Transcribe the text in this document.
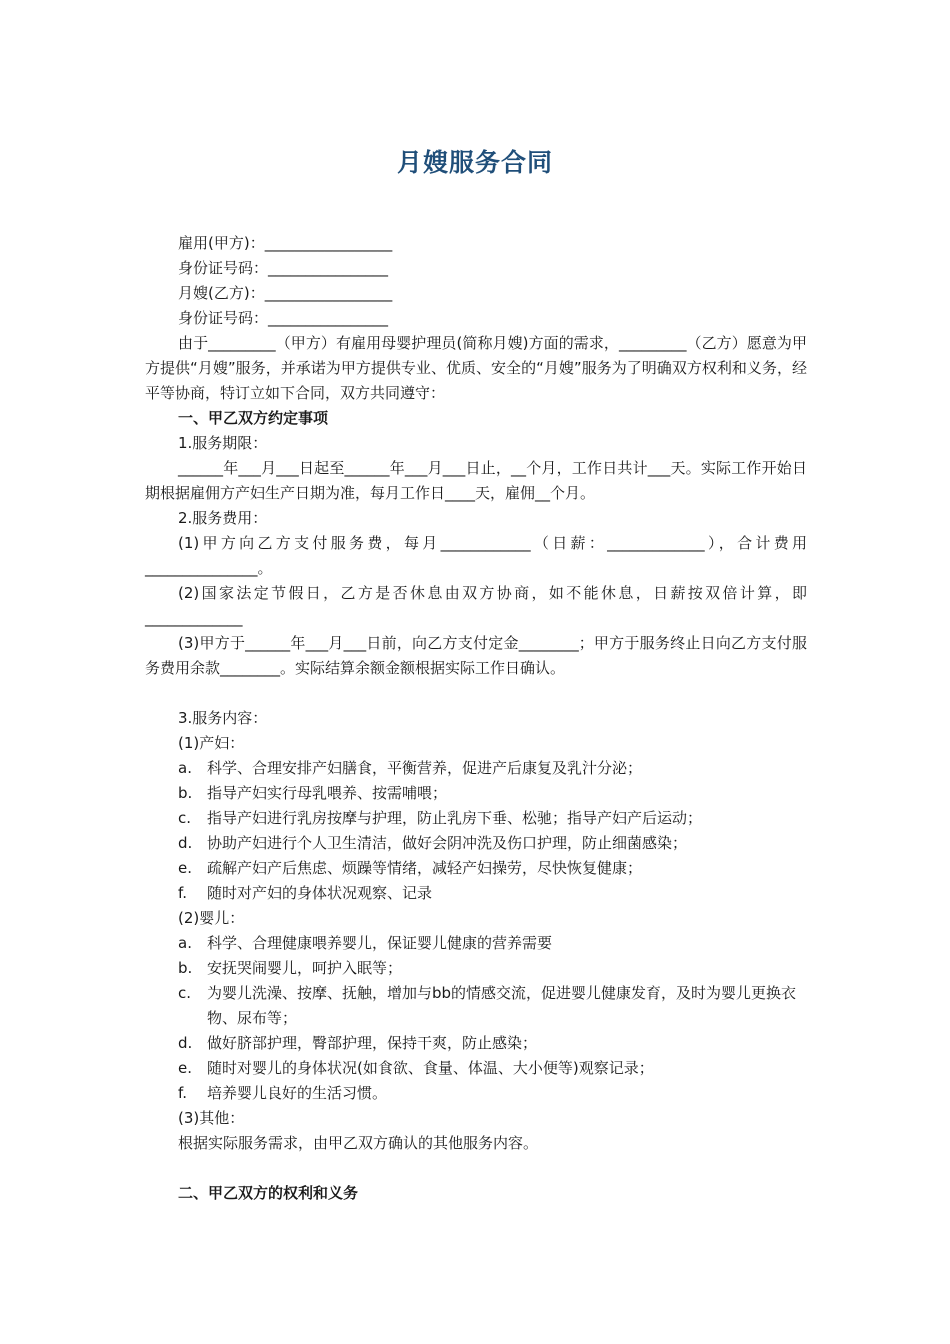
月嫂服务合同
雇用(甲方)：_________________
身份证号码：________________
月嫂(乙方)：_________________
身份证号码：________________
由于_________（甲方）有雇用母婴护理员(简称月嫂)方面的需求，_________（乙方）愿意为甲方提供“月嫂”服务，并承诺为甲方提供专业、优质、安全的“月嫂”服务为了明确双方权利和义务，经平等协商，特订立如下合同，双方共同遵守：
一、甲乙双方约定事项
1.服务期限：
______年___月___日起至______年___月___日止，__个月，工作日共计___天。实际工作开始日期根据雇佣方产妇生产日期为准，每月工作日____天，雇佣__个月。
2.服务费用：
(1)甲方向乙方支付服务费，每月____________（日薪：_____________），合计费用_______________。
(2)国家法定节假日，乙方是否休息由双方协商，如不能休息，日薪按双倍计算，即 _____________
(3)甲方于______年___月___日前，向乙方支付定金________；甲方于服务终止日向乙方支付服务费用余款________。实际结算余额金额根据实际工作日确认。
3.服务内容：
(1)产妇：
a.	科学、合理安排产妇膳食，平衡营养，促进产后康复及乳汁分泌；
b. 指导产妇实行母乳喂养、按需哺喂；
c.	指导产妇进行乳房按摩与护理，防止乳房下垂、松驰；指导产妇产后运动；
d. 协助产妇进行个人卫生清洁，做好会阴冲洗及伤口护理，防止细菌感染；
e.	疏解产妇产后焦虑、烦躁等情绪，减轻产妇操劳，尽快恢复健康；
f.	随时对产妇的身体状况观察、记录
(2)婴儿：
a.	科学、合理健康喂养婴儿，保证婴儿健康的营养需要
b. 安抚哭闹婴儿，呵护入眠等；
c.	为婴儿洗澡、按摩、抚触，增加与bb的情感交流，促进婴儿健康发育，及时为婴儿更换衣物、尿布等；
d. 做好脐部护理，臀部护理，保持干爽，防止感染；
e.	随时对婴儿的身体状况(如食欲、食量、体温、大小便等)观察记录；
f.	培养婴儿良好的生活习惯。
(3)其他：
根据实际服务需求，由甲乙双方确认的其他服务内容。
二、甲乙双方的权利和义务
